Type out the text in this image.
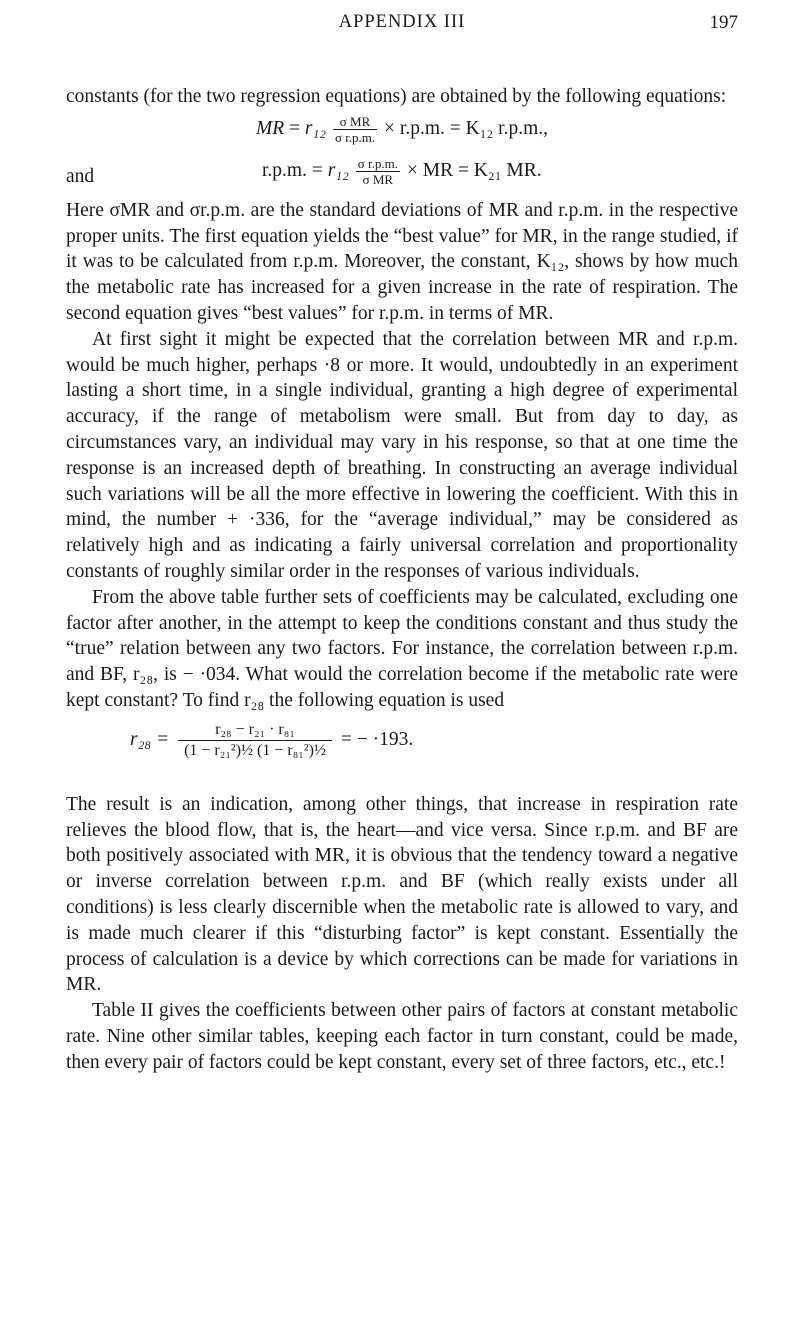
APPENDIX III	197

constants (for the two regression equations) are obtained by the following equations:

MR = $r_{12} \frac{\text{σ MR}}{\text{σ r.p.m.}} \times r.p.m$. = K₁₂ r.p.m.,
and	r.p.m. = $r_{12} \frac{\text{σ r.p.m.}}{\text{σ MR}}$ × MR = K₂₁ MR.

Here σMR and σr.p.m. are the standard deviations of MR and r.p.m. in the respective proper units. The first equation yields the “best value” for MR, in the range studied, if it was to be calculated from r.p.m. Moreover, the constant, K₁₂, shows by how much the metabolic rate has increased for a given increase in the rate of respiration. The second equation gives “best values” for r.p.m. in terms of MR.

At first sight it might be expected that the correlation between MR and r.p.m. would be much higher, perhaps ·8 or more. It would, undoubtedly in an experiment lasting a short time, in a single individual, granting a high degree of experimental accuracy, if the range of metabolism were small. But from day to day, as circumstances vary, an individual may vary in his response, so that at one time the response is an increased depth of breathing. In constructing an average individual such variations will be all the more effective in lowering the coefficient. With this in mind, the number + ·336, for the “average individual,” may be considered as relatively high and as indicating a fairly universal correlation and proportionality constants of roughly similar order in the responses of various individuals.

From the above table further sets of coefficients may be calculated, excluding one factor after another, in the attempt to keep the conditions constant and thus study the “true” relation between any two factors. For instance, the correlation between r.p.m. and BF, r₂₈, is − ·034. What would the correlation become if the metabolic rate were kept constant? To find r₂₈ the following equation is used

$r_{28} = \frac{\text{r₂₈ − r₂₁ · r₈₁}}{\text{(1 − r₂₁²)½ (1 − r₈₁²)½}}$ = − ·193.

The result is an indication, among other things, that increase in respiration rate relieves the blood flow, that is, the heart—and vice versa. Since r.p.m. and BF are both positively associated with MR, it is obvious that the tendency toward a negative or inverse correlation between r.p.m. and BF (which really exists under all conditions) is less clearly discernible when the metabolic rate is allowed to vary, and is made much clearer if this “disturbing factor” is kept constant. Essentially the process of calculation is a device by which corrections can be made for variations in MR.

Table II gives the coefficients between other pairs of factors at constant metabolic rate. Nine other similar tables, keeping each factor in turn constant, could be made, then every pair of factors could be kept constant, every set of three factors, etc., etc.!
